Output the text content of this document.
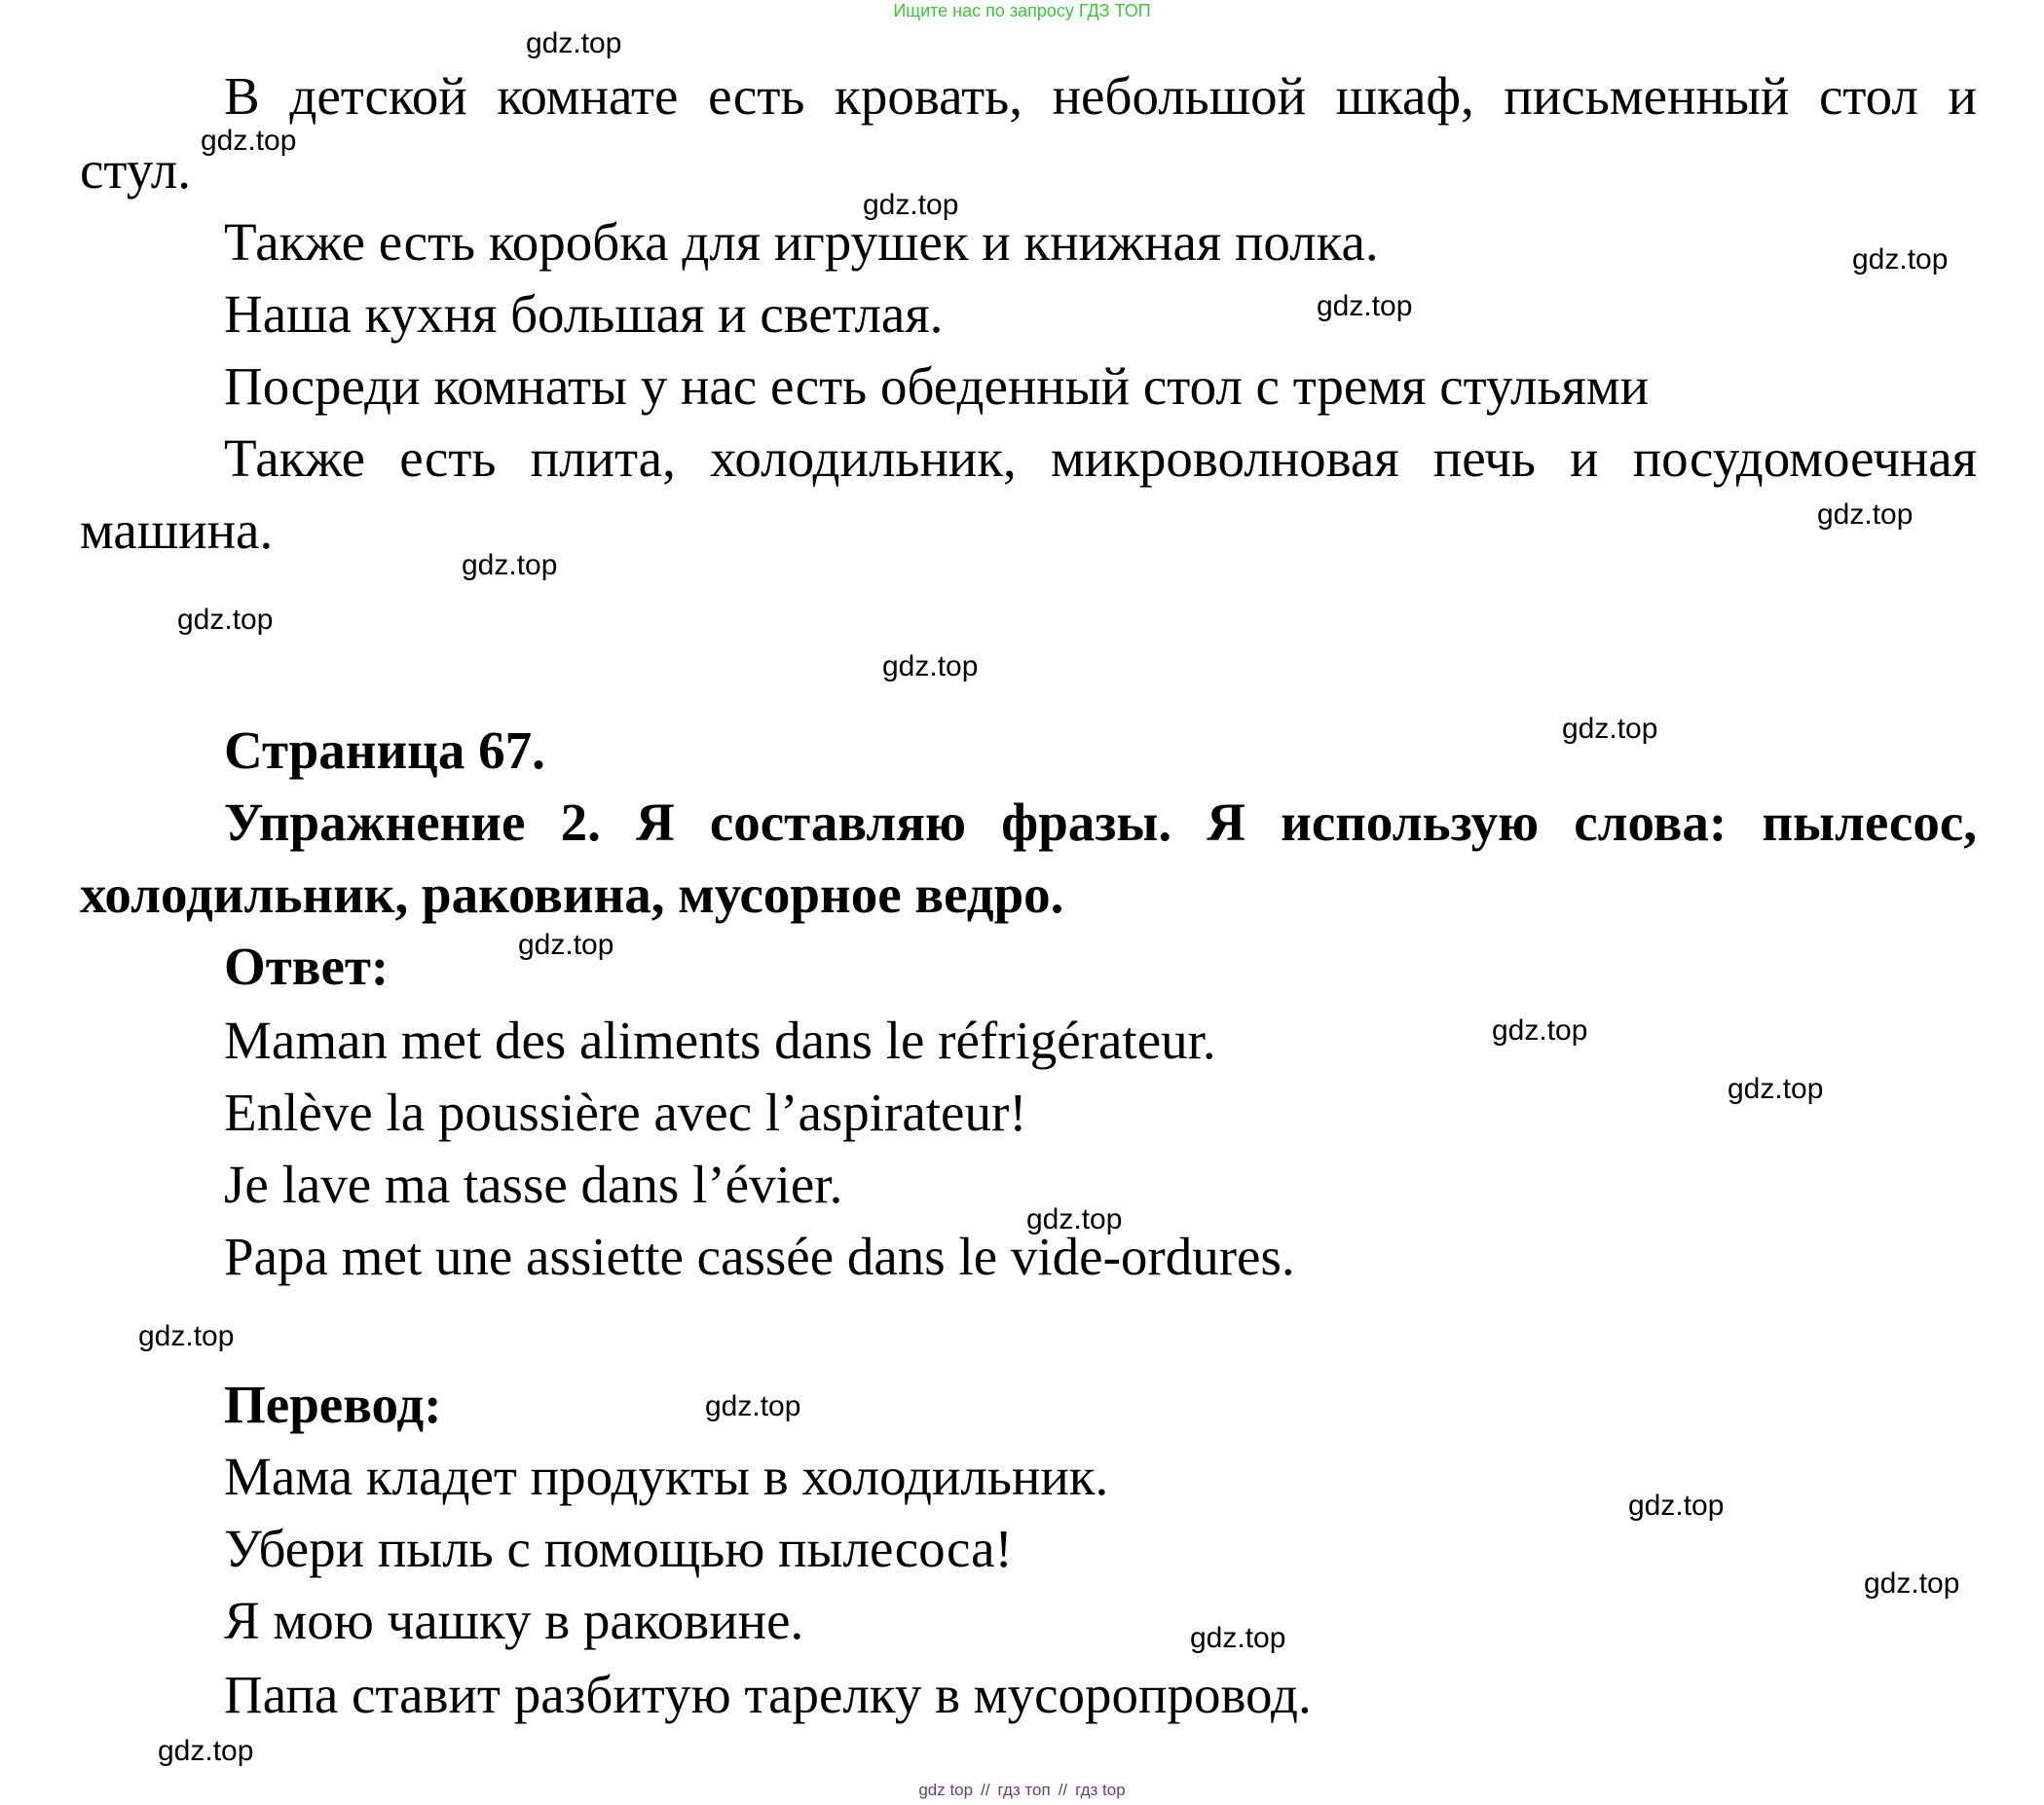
Ищите нас по запросу ГДЗ ТОП

В детской комнате есть кровать, небольшой шкаф, письменный стол и

стул.

Также есть коробка для игрушек и книжная полка.

Наша кухня большая и светлая.

Посреди комнаты у нас есть обеденный стол с тремя стульями

Также есть плита, холодильник, микроволновая печь и посудомоечная

машина.

Страница 67.
Упражнение 2. Я составляю фразы. Я использую слова: пылесос,
холодильник, раковина, мусорное ведро.
Ответ:

Maman met des aliments dans le réfrigérateur.

Enlève la poussière avec l’aspirateur!

Je lave ma tasse dans l’évier.

Papa met une assiette cassée dans le vide-ordures.

Перевод:

Мама кладет продукты в холодильник.

Убери пыль с помощью пылесоса!

Я мою чашку в раковине.

Папа ставит разбитую тарелку в мусоропровод.

gdz.top
gdz.top
gdz.top
gdz.top
gdz.top
gdz.top
gdz.top
gdz.top
gdz.top
gdz.top
gdz.top
gdz.top
gdz.top
gdz.top
gdz.top
gdz.top
gdz.top
gdz.top
gdz.top
gdz.top
gdz top // гдз топ // гдз top
